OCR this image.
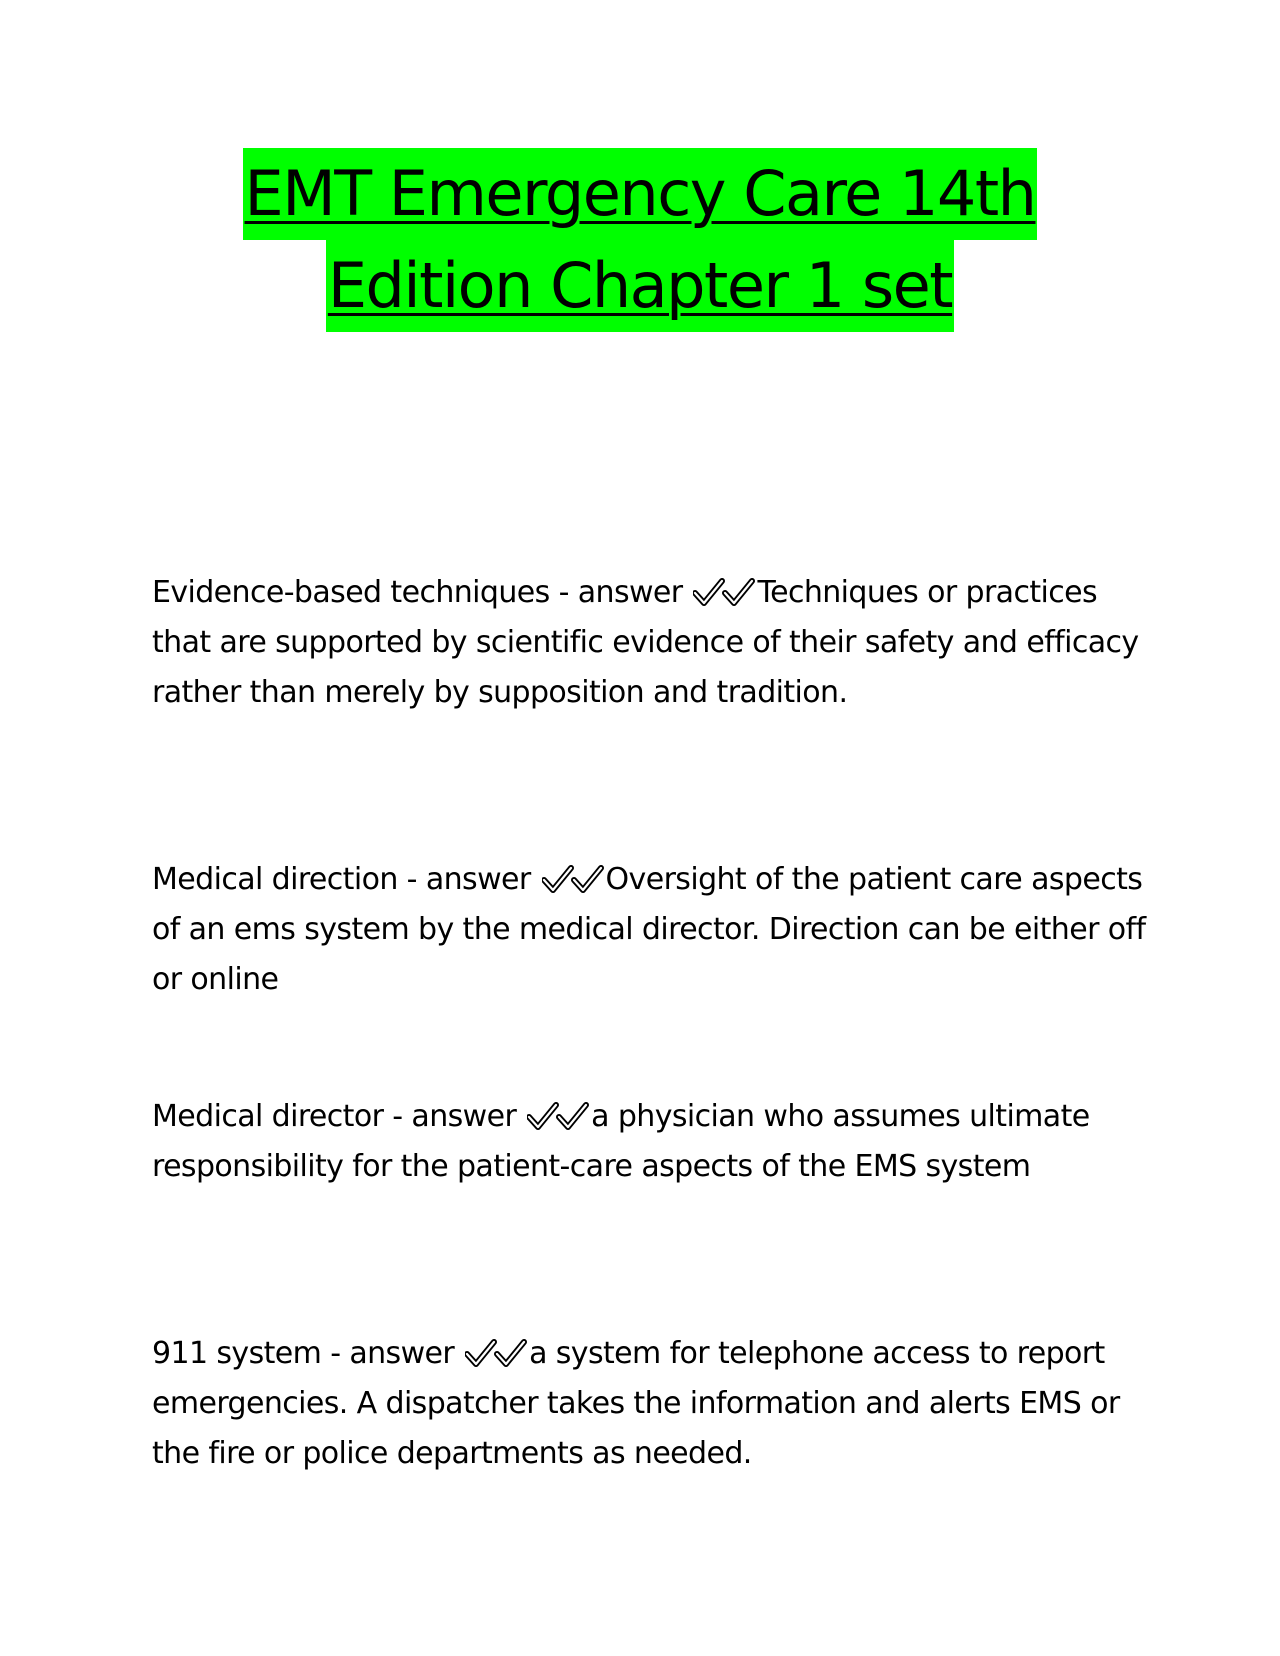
EMT Emergency Care 14th
Edition Chapter 1 set
Evidence-based techniques - answer
Techniques or practices that are supported by scientific evidence of their safety and efficacy rather than merely by supposition and tradition.
Medical direction - answer
Oversight of the patient care aspects of an ems system by the medical director. Direction can be either off or online
Medical director - answer
a physician who assumes ultimate responsibility for the patient-care aspects of the EMS system
911 system - answer
a system for telephone access to report emergencies. A dispatcher takes the information and alerts EMS or the fire or police departments as needed.
